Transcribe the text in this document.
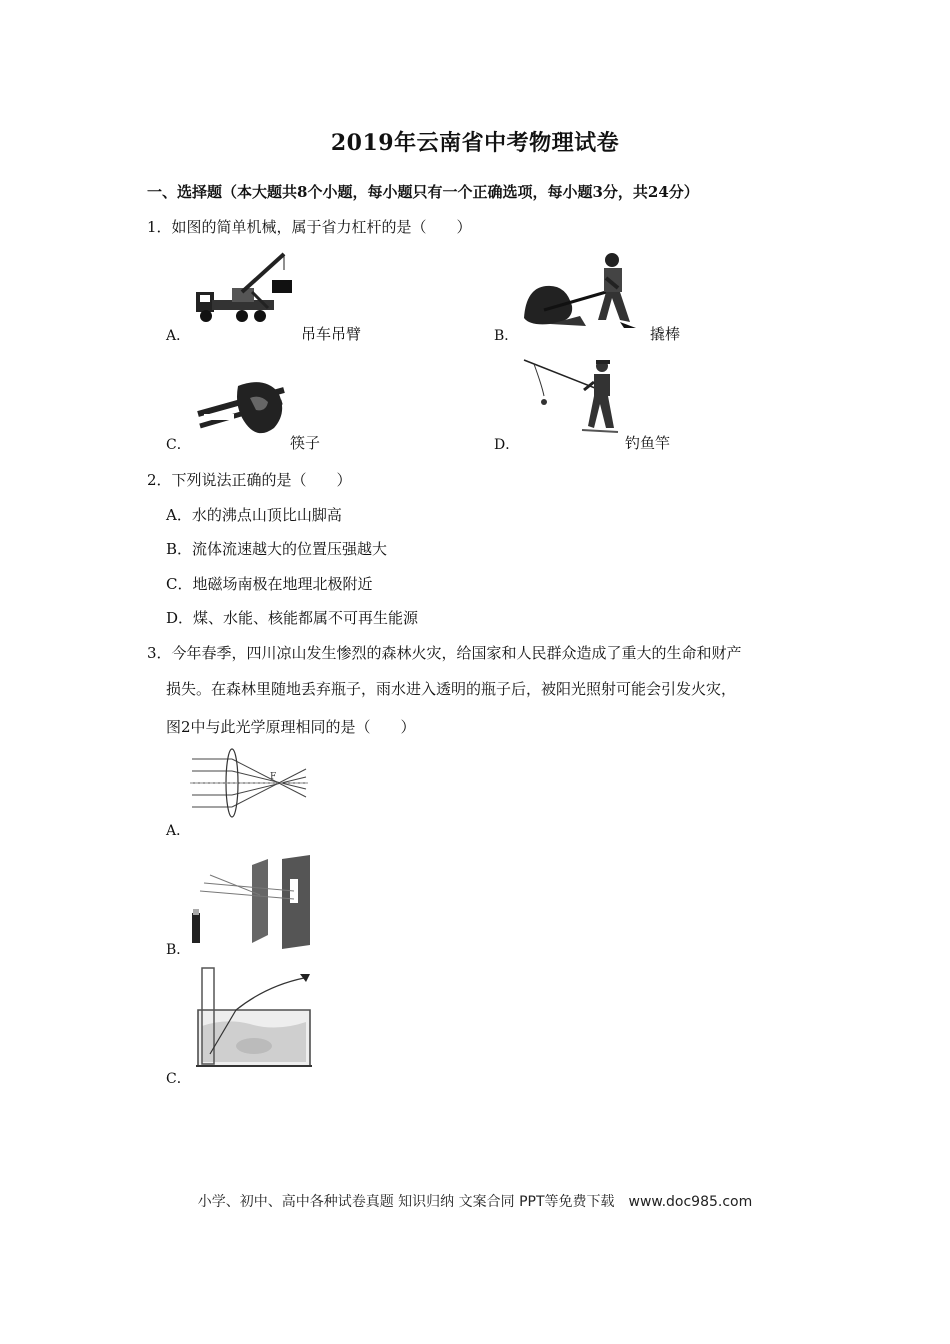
2019年云南省中考物理试卷
一、选择题（本大题共8个小题，每小题只有一个正确选项，每小题3分，共24分）
1．如图的简单机械，属于省力杠杆的是（　　）
A．	吊车吊臂	B．	撬棒
C．	筷子	D．	钓鱼竿
2．下列说法正确的是（　　）
A．水的沸点山顶比山脚高
B．流体流速越大的位置压强越大
C．地磁场南极在地理北极附近
D．煤、水能、核能都属不可再生能源
3．今年春季，四川凉山发生惨烈的森林火灾，给国家和人民群众造成了重大的生命和财产
损失。在森林里随地丢弃瓶子，雨水进入透明的瓶子后，被阳光照射可能会引发火灾，
图2中与此光学原理相同的是（　　）
F
A．
B．
C．
小学、初中、高中各种试卷真题 知识归纳 文案合同 PPT等免费下载　www.doc985.com
